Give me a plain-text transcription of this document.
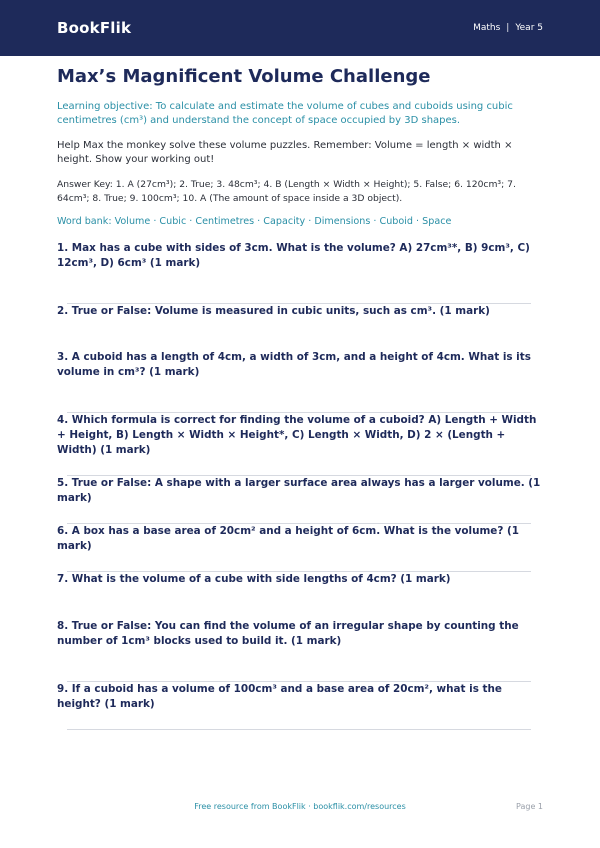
BookFlik	Maths | Year 5
Max’s Magnificent Volume Challenge

Learning objective: To calculate and estimate the volume of cubes and cuboids using cubic centimetres (cm³) and understand the concept of space occupied by 3D shapes.

Help Max the monkey solve these volume puzzles. Remember: Volume = length × width × height. Show your working out!

Answer Key: 1. A (27cm³); 2. True; 3. 48cm³; 4. B (Length × Width × Height); 5. False; 6. 120cm³; 7. 64cm³; 8. True; 9. 100cm³; 10. A (The amount of space inside a 3D object).

Word bank: Volume · Cubic · Centimetres · Capacity · Dimensions · Cuboid · Space

1. Max has a cube with sides of 3cm. What is the volume? A) 27cm³*, B) 9cm³, C) 12cm³, D) 6cm³ (1 mark)

2. True or False: Volume is measured in cubic units, such as cm³. (1 mark)

3. A cuboid has a length of 4cm, a width of 3cm, and a height of 4cm. What is its volume in cm³? (1 mark)

4. Which formula is correct for finding the volume of a cuboid? A) Length + Width + Height, B) Length × Width × Height*, C) Length × Width, D) 2 × (Length + Width) (1 mark)

5. True or False: A shape with a larger surface area always has a larger volume. (1 mark)

6. A box has a base area of 20cm² and a height of 6cm. What is the volume? (1 mark)

7. What is the volume of a cube with side lengths of 4cm? (1 mark)

8. True or False: You can find the volume of an irregular shape by counting the number of 1cm³ blocks used to build it. (1 mark)

9. If a cuboid has a volume of 100cm³ and a base area of 20cm², what is the height? (1 mark)

Free resource from BookFlik · bookflik.com/resources	Page 1
